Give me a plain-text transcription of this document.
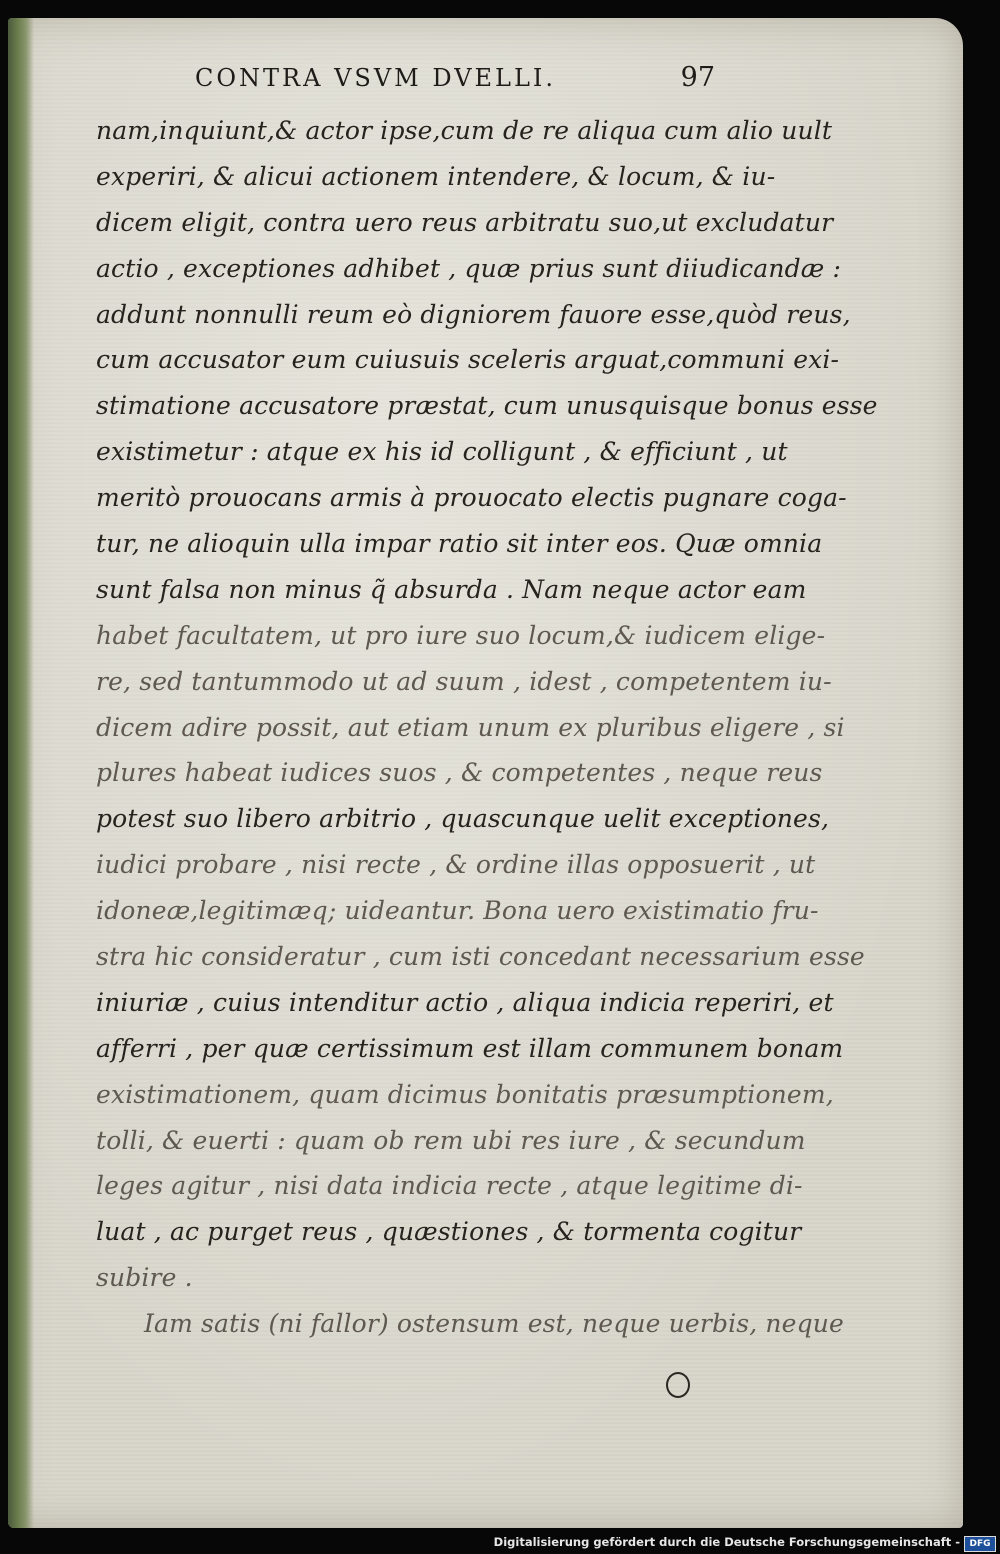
CONTRA VSVM DVELLI.	97
nam,inquiunt,& actor ipse,cum de re aliqua cum alio uult
experiri, & alicui actionem intendere, & locum, & iu-
dicem eligit, contra uero reus arbitratu suo,ut excludatur
actio , exceptiones adhibet , quæ prius sunt diiudicandæ :
addunt nonnulli reum eò digniorem fauore esse,quòd reus,
cum accusator eum cuiusuis sceleris arguat,communi exi-
stimatione accusatore præstat, cum unusquisque bonus esse
existimetur : atque ex his id colligunt , & efficiunt , ut
meritò prouocans armis à prouocato electis pugnare coga-
tur, ne alioquin ulla impar ratio sit inter eos. Quæ omnia
sunt falsa non minus q̃ absurda . Nam neque actor eam
habet facultatem, ut pro iure suo locum,& iudicem elige-
re, sed tantummodo ut ad suum , idest , competentem iu-
dicem adire possit, aut etiam unum ex pluribus eligere , si
plures habeat iudices suos , & competentes , neque reus
potest suo libero arbitrio , quascunque uelit exceptiones,
iudici probare , nisi recte , & ordine illas opposuerit , ut
idoneæ,legitimæq; uideantur. Bona uero existimatio fru-
stra hic consideratur , cum isti concedant necessarium esse
iniuriæ , cuius intenditur actio , aliqua indicia reperiri, et
afferri , per quæ certissimum est illam communem bonam
existimationem, quam dicimus bonitatis præsumptionem,
tolli, & euerti : quam ob rem ubi res iure , & secundum
leges agitur , nisi data indicia recte , atque legitime di-
luat , ac purget reus , quæstiones , & tormenta cogitur
subire .
Iam satis (ni fallor) ostensum est, neque uerbis, neque
Digitalisierung gefördert durch die Deutsche Forschungsgemeinschaft -	DFG
